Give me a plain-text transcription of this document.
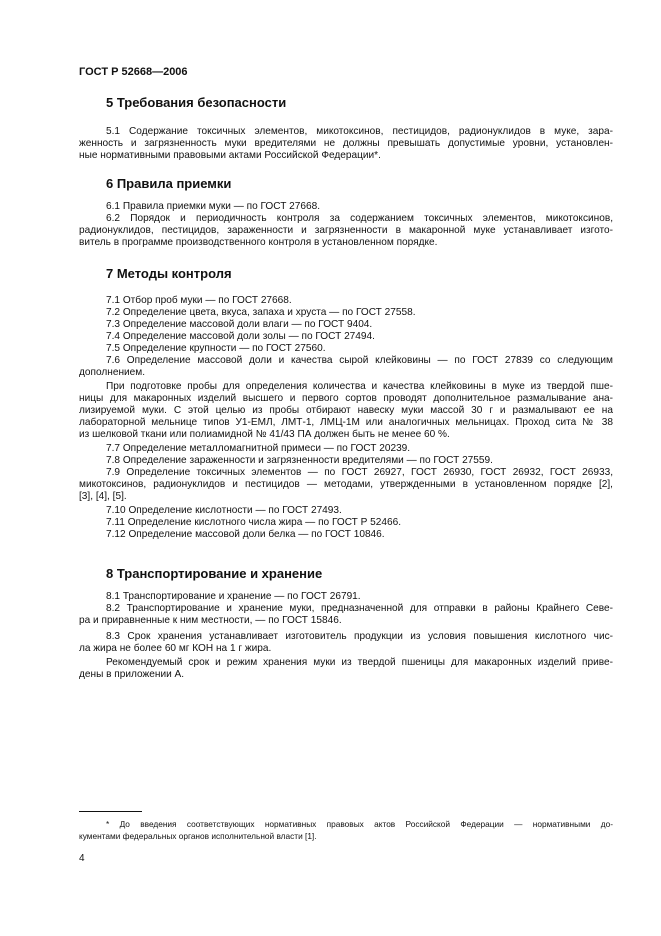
ГОСТ Р 52668—2006
5 Требования безопасности
5.1 Содержание токсичных элементов, микотоксинов, пестицидов, радионуклидов в муке, зара-
женность и загрязненность муки вредителями не должны превышать допустимые уровни, установлен-
ные нормативными правовыми актами Российской Федерации*.
6 Правила приемки
6.1 Правила приемки муки — по ГОСТ 27668.
6.2 Порядок и периодичность контроля за содержанием токсичных элементов, микотоксинов,
радионуклидов, пестицидов, зараженности и загрязненности в макаронной муке устанавливает изгото-
витель в программе производственного контроля в установленном порядке.
7 Методы контроля
7.1 Отбор проб муки — по ГОСТ 27668.
7.2 Определение цвета, вкуса, запаха и хруста — по ГОСТ 27558.
7.3 Определение массовой доли влаги — по ГОСТ 9404.
7.4 Определение массовой доли золы — по ГОСТ 27494.
7.5 Определение крупности — по ГОСТ 27560.
7.6 Определение массовой доли и качества сырой клейковины — по ГОСТ 27839 со следующим
дополнением.
При подготовке пробы для определения количества и качества клейковины в муке из твердой пше-
ницы для макаронных изделий высшего и первого сортов проводят дополнительное размалывание ана-
лизируемой муки. С этой целью из пробы отбирают навеску муки массой 30 г и размалывают ее на
лабораторной мельнице типов У1-ЕМЛ, ЛМТ-1, ЛМЦ-1М или аналогичных мельницах. Проход сита № 38
из шелковой ткани или полиамидной № 41/43 ПА должен быть не менее 60 %.
7.7 Определение металломагнитной примеси — по ГОСТ 20239.
7.8 Определение зараженности и загрязненности вредителями — по ГОСТ 27559.
7.9 Определение токсичных элементов — по ГОСТ 26927, ГОСТ 26930, ГОСТ 26932, ГОСТ 26933,
микотоксинов, радионуклидов и пестицидов — методами, утвержденными в установленном порядке [2],
[3], [4], [5].
7.10 Определение кислотности — по ГОСТ 27493.
7.11 Определение кислотного числа жира — по ГОСТ Р 52466.
7.12 Определение массовой доли белка — по ГОСТ 10846.
8 Транспортирование и хранение
8.1 Транспортирование и хранение — по ГОСТ 26791.
8.2 Транспортирование и хранение муки, предназначенной для отправки в районы Крайнего Севе-
ра и приравненные к ним местности, — по ГОСТ 15846.
8.3 Срок хранения устанавливает изготовитель продукции из условия повышения кислотного чис-
ла жира не более 60 мг КОН на 1 г жира.
Рекомендуемый срок и режим хранения муки из твердой пшеницы для макаронных изделий приве-
дены в приложении А.
* До введения соответствующих нормативных правовых актов Российской Федерации — нормативными до-
кументами федеральных органов исполнительной власти [1].
4
